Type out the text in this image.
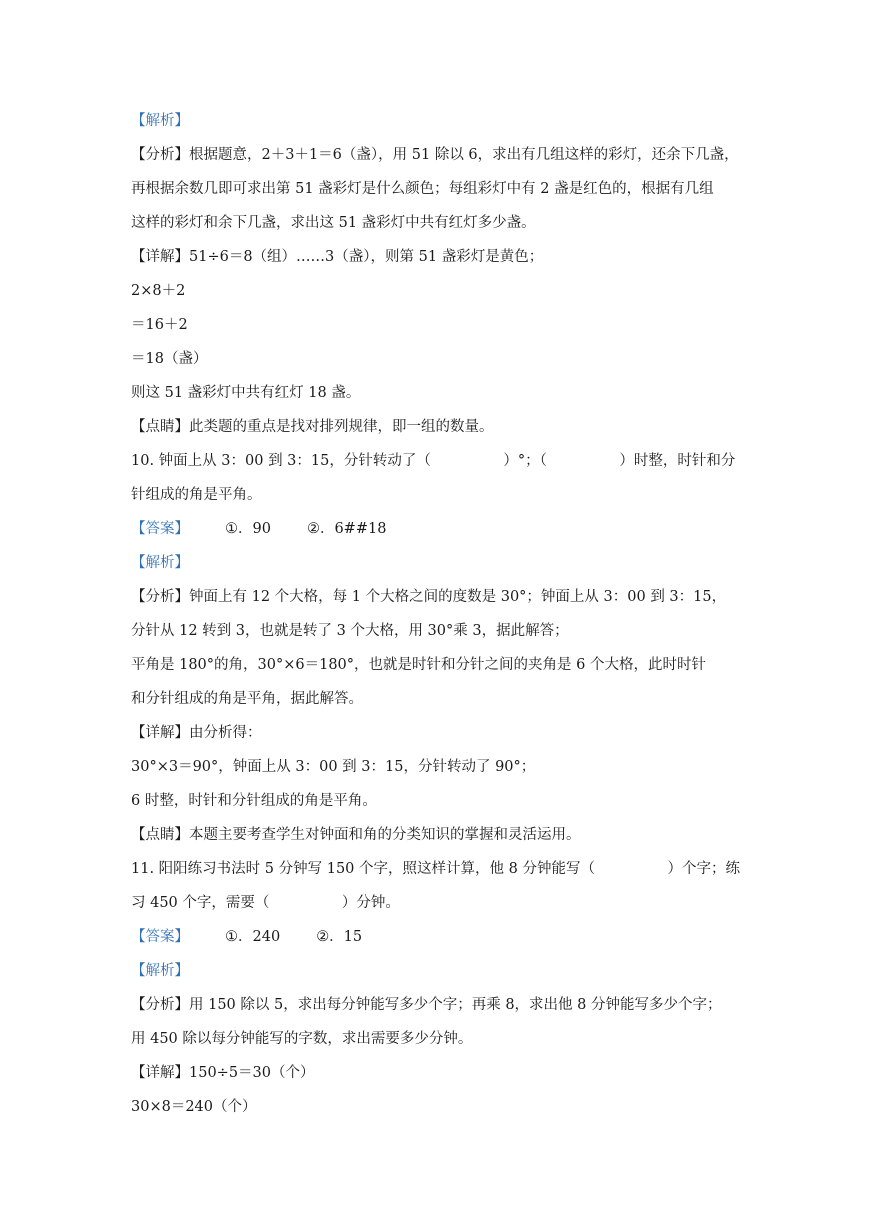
【解析】
【分析】根据题意，2＋3＋1＝6（盏），用 51 除以 6，求出有几组这样的彩灯，还余下几盏，
再根据余数几即可求出第 51 盏彩灯是什么颜色；每组彩灯中有 2 盏是红色的，根据有几组
这样的彩灯和余下几盏，求出这 51 盏彩灯中共有红灯多少盏。
【详解】51÷6＝8（组）……3（盏），则第 51 盏彩灯是黄色；
2×8＋2
＝16＋2
＝18（盏）
则这 51 盏彩灯中共有红灯 18 盏。
【点睛】此类题的重点是找对排列规律，即一组的数量。
10. 钟面上从 3：00 到 3：15，分针转动了（　　　　　）°；（　　　　　）时整，时针和分
针组成的角是平角。
【答案】 ①．90 ②．6##18
【解析】
【分析】钟面上有 12 个大格，每 1 个大格之间的度数是 30°；钟面上从 3：00 到 3：15，
分针从 12 转到 3，也就是转了 3 个大格，用 30°乘 3，据此解答；
平角是 180°的角，30°×6＝180°，也就是时针和分针之间的夹角是 6 个大格，此时时针
和分针组成的角是平角，据此解答。
【详解】由分析得：
30°×3＝90°，钟面上从 3：00 到 3：15，分针转动了 90°；
6 时整，时针和分针组成的角是平角。
【点睛】本题主要考查学生对钟面和角的分类知识的掌握和灵活运用。
11. 阳阳练习书法时 5 分钟写 150 个字，照这样计算，他 8 分钟能写（　　　　　）个字；练
习 450 个字，需要（　　　　　）分钟。
【答案】 ①．240 ②．15
【解析】
【分析】用 150 除以 5，求出每分钟能写多少个字；再乘 8，求出他 8 分钟能写多少个字；
用 450 除以每分钟能写的字数，求出需要多少分钟。
【详解】150÷5＝30（个）
30×8＝240（个）
